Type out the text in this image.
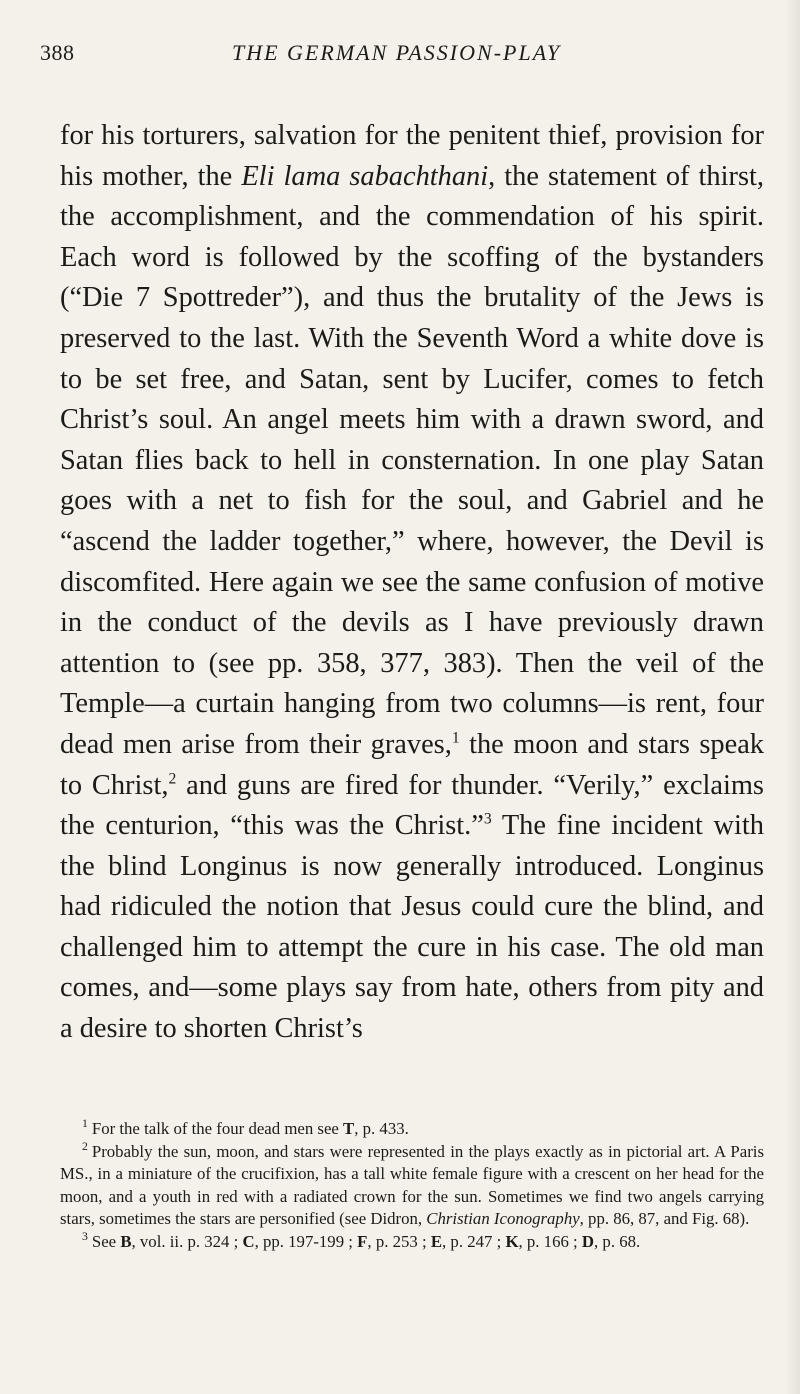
388	THE GERMAN PASSION-PLAY

for his torturers, salvation for the penitent thief, provision for his mother, the Eli lama sabachthani, the statement of thirst, the accomplishment, and the commendation of his spirit. Each word is followed by the scoffing of the bystanders (“Die 7 Spottreder”), and thus the brutality of the Jews is preserved to the last. With the Seventh Word a white dove is to be set free, and Satan, sent by Lucifer, comes to fetch Christ’s soul. An angel meets him with a drawn sword, and Satan flies back to hell in consternation. In one play Satan goes with a net to fish for the soul, and Gabriel and he “ascend the ladder together,” where, however, the Devil is discomfited. Here again we see the same confusion of motive in the conduct of the devils as I have previously drawn attention to (see pp. 358, 377, 383). Then the veil of the Temple—a curtain hanging from two columns—is rent, four dead men arise from their graves,$^1$ the moon and stars speak to Christ,$^2$ and guns are fired for thunder. “Verily,” exclaims the centurion, “this was the Christ.”$^3$ The fine incident with the blind Longinus is now generally introduced. Longinus had ridiculed the notion that Jesus could cure the blind, and challenged him to attempt the cure in his case. The old man comes, and—some plays say from hate, others from pity and a desire to shorten Christ’s

$^1$ For the talk of the four dead men see T, p. 433.

$^2$ Probably the sun, moon, and stars were represented in the plays exactly as in pictorial art. A Paris MS., in a miniature of the crucifixion, has a tall white female figure with a crescent on her head for the moon, and a youth in red with a radiated crown for the sun. Sometimes we find two angels carrying stars, sometimes the stars are personified (see Didron, Christian Iconography, pp. 86, 87, and Fig. 68).

$^3$ See B, vol. ii. p. 324 ; C, pp. 197-199 ; F, p. 253 ; E, p. 247 ; K, p. 166 ; D, p. 68.
